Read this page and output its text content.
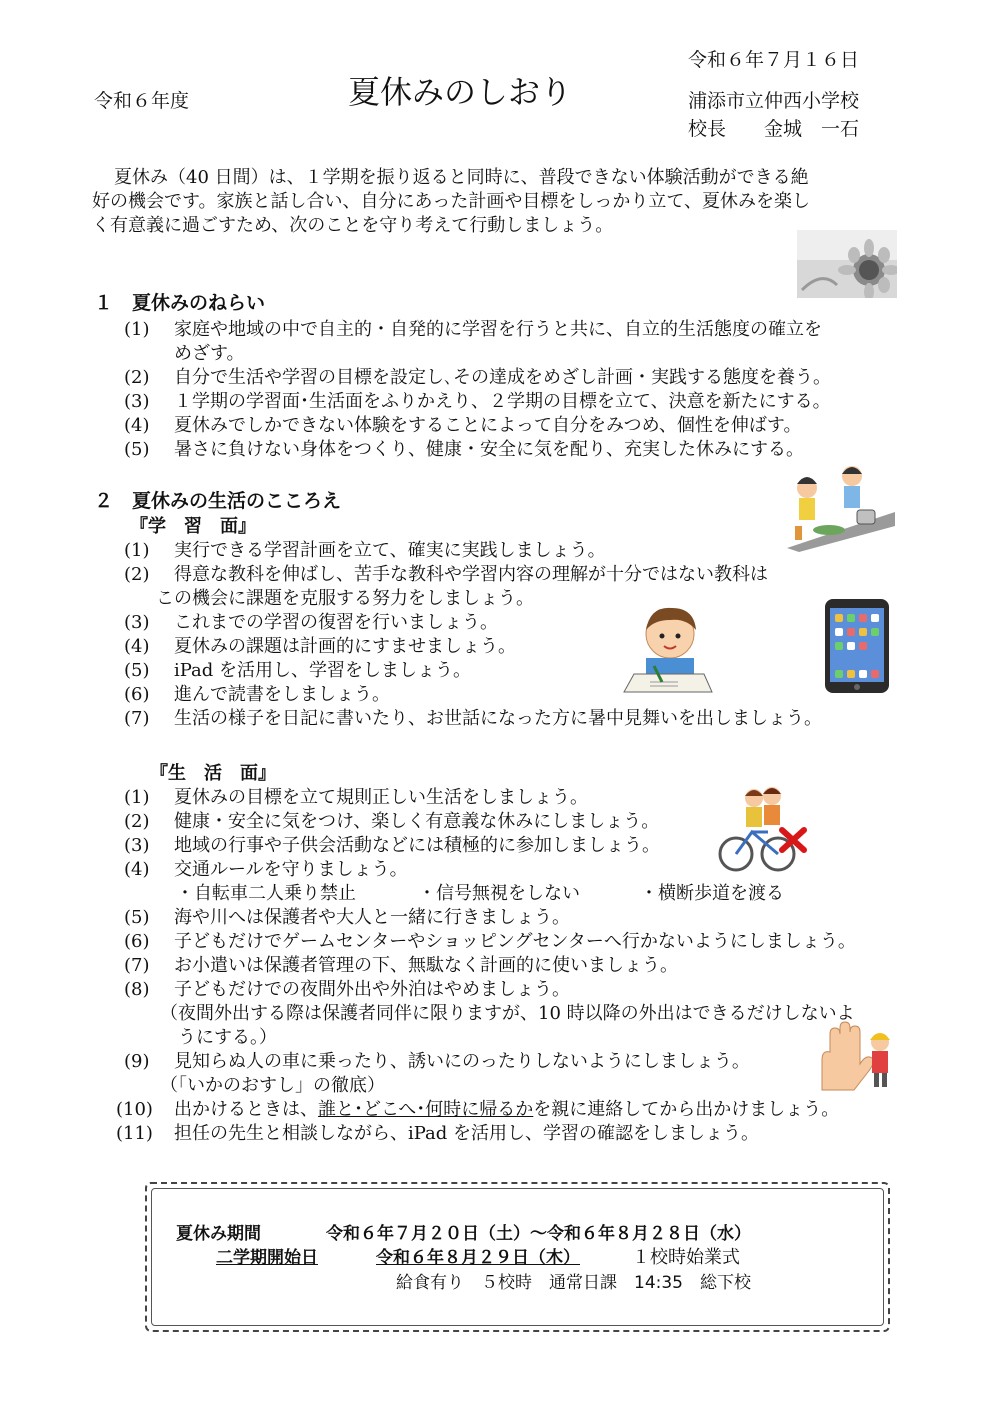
令和６年７月１６日
令和６年度	夏休みのしおり	浦添市立仲西小学校
校長　　金城　一石
夏休み（40 日間）は、１学期を振り返ると同時に、普段できない体験活動ができる絶
好の機会です。家族と話し合い、自分にあった計画や目標をしっかり立て、夏休みを楽し
く有意義に過ごすため、次のことを守り考えて行動しましょう。
１　夏休みのねらい
(1) 家庭や地域の中で自主的・自発的に学習を行うと共に、自立的生活態度の確立を
めざす。
(2) 自分で生活や学習の目標を設定し､その達成をめざし計画・実践する態度を養う。
(3) １学期の学習面･生活面をふりかえり、２学期の目標を立て、決意を新たにする。
(4) 夏休みでしかできない体験をすることによって自分をみつめ、個性を伸ばす。
(5) 暑さに負けない身体をつくり、健康・安全に気を配り、充実した休みにする。
２　夏休みの生活のこころえ
『学　習　面』
(1) 実行できる学習計画を立て、確実に実践しましょう。
(2) 得意な教科を伸ばし、苦手な教科や学習内容の理解が十分ではない教科は
この機会に課題を克服する努力をしましょう。
(3) これまでの学習の復習を行いましょう。
(4) 夏休みの課題は計画的にすませましょう。
(5) iPad を活用し、学習をしましょう。
(6) 進んで読書をしましょう。
(7) 生活の様子を日記に書いたり、お世話になった方に暑中見舞いを出しましょう。
『生　活　面』
(1) 夏休みの目標を立て規則正しい生活をしましょう。
(2) 健康・安全に気をつけ、楽しく有意義な休みにしましょう。
(3) 地域の行事や子供会活動などには積極的に参加しましょう。
(4) 交通ルールを守りましょう。
・自転車二人乗り禁止	・信号無視をしない	・横断歩道を渡る
(5) 海や川へは保護者や大人と一緒に行きましょう。
(6) 子どもだけでゲームセンターやショッピングセンターへ行かないようにしましょう。
(7) お小遣いは保護者管理の下、無駄なく計画的に使いましょう。
(8) 子どもだけでの夜間外出や外泊はやめましょう。
（夜間外出する際は保護者同伴に限りますが、10 時以降の外出はできるだけしないよ
うにする。）
(9) 見知らぬ人の車に乗ったり、誘いにのったりしないようにしましょう。
（「いかのおすし」の徹底）
(10) 出かけるときは、誰と･どこへ･何時に帰るかを親に連絡してから出かけましょう。
(11) 担任の先生と相談しながら、iPad を活用し、学習の確認をしましょう。
夏休み期間	令和６年７月２０日（土）～令和６年８月２８日（水）
二学期開始日	令和６年８月２９日（木）	１校時始業式
給食有り　５校時　通常日課　14:35　総下校
